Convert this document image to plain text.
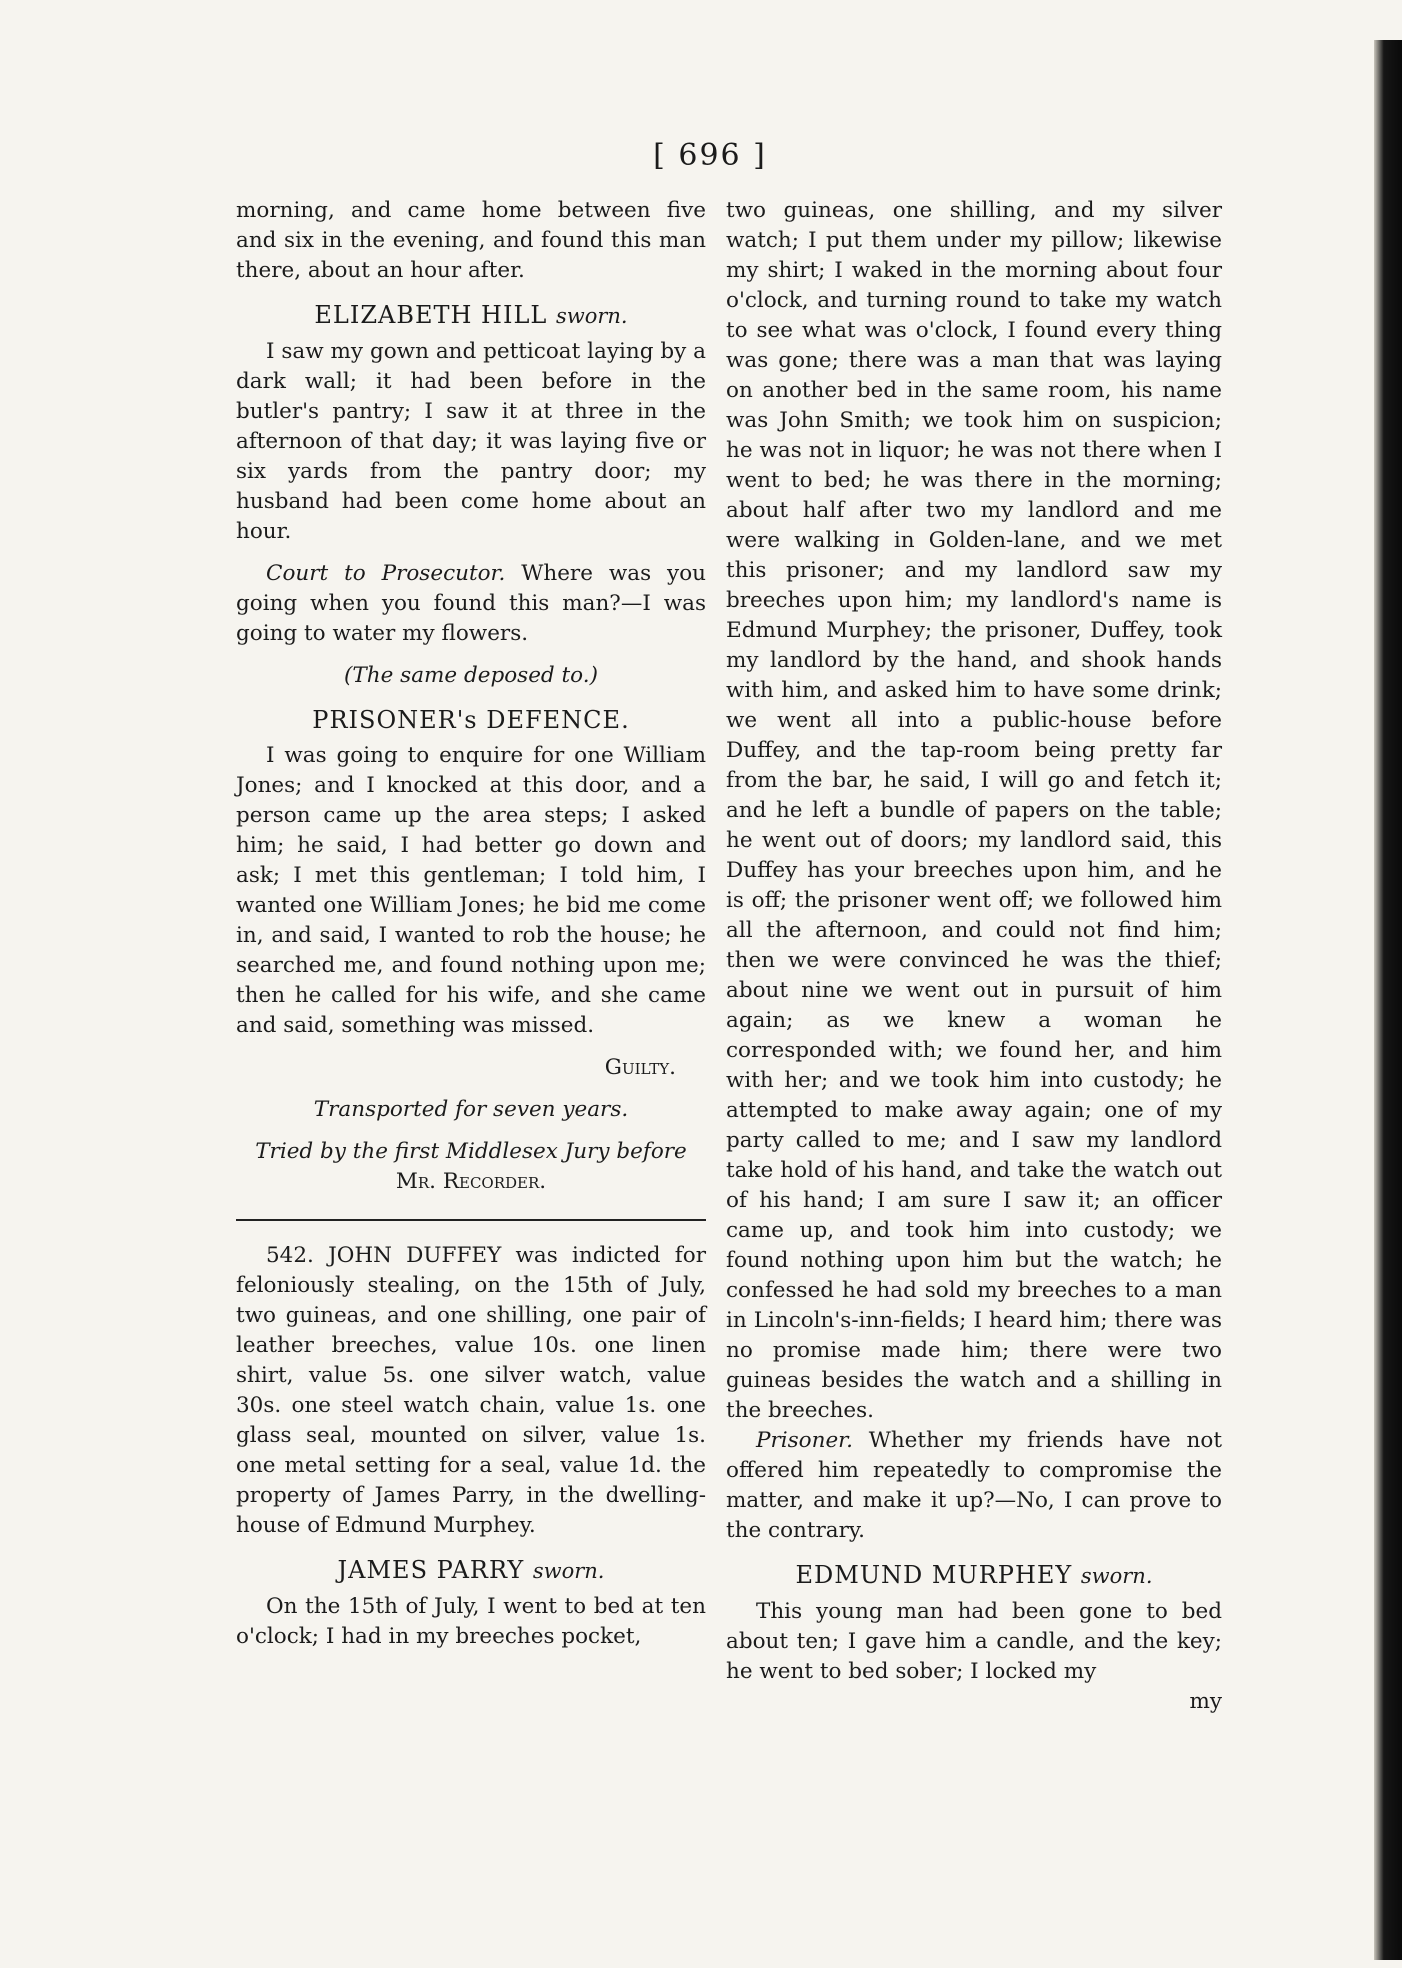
[ 696 ]

morning, and came home between five and six in the evening, and found this man there, about an hour after.

ELIZABETH HILL sworn.

I saw my gown and petticoat laying by a dark wall; it had been before in the butler's pantry; I saw it at three in the afternoon of that day; it was laying five or six yards from the pantry door; my husband had been come home about an hour.

Court to Prosecutor. Where was you going when you found this man?—I was going to water my flowers.

(The same deposed to.)

PRISONER's DEFENCE.

I was going to enquire for one William Jones; and I knocked at this door, and a person came up the area steps; I asked him; he said, I had better go down and ask; I met this gentleman; I told him, I wanted one William Jones; he bid me come in, and said, I wanted to rob the house; he searched me, and found nothing upon me; then he called for his wife, and she came and said, something was missed.

Guilty.

Transported for seven years.

Tried by the first Middlesex Jury before

Mr. Recorder.

542. JOHN DUFFEY was indicted for feloniously stealing, on the 15th of July, two guineas, and one shilling, one pair of leather breeches, value 10s. one linen shirt, value 5s. one silver watch, value 30s. one steel watch chain, value 1s. one glass seal, mounted on silver, value 1s. one metal setting for a seal, value 1d. the property of James Parry, in the dwelling-house of Edmund Murphey.

JAMES PARRY sworn.

On the 15th of July, I went to bed at ten o'clock; I had in my breeches pocket,

two guineas, one shilling, and my silver watch; I put them under my pillow; likewise my shirt; I waked in the morning about four o'clock, and turning round to take my watch to see what was o'clock, I found every thing was gone; there was a man that was laying on another bed in the same room, his name was John Smith; we took him on suspicion; he was not in liquor; he was not there when I went to bed; he was there in the morning; about half after two my landlord and me were walking in Golden-lane, and we met this prisoner; and my landlord saw my breeches upon him; my landlord's name is Edmund Murphey; the prisoner, Duffey, took my landlord by the hand, and shook hands with him, and asked him to have some drink; we went all into a public-house before Duffey, and the tap-room being pretty far from the bar, he said, I will go and fetch it; and he left a bundle of papers on the table; he went out of doors; my landlord said, this Duffey has your breeches upon him, and he is off; the prisoner went off; we followed him all the afternoon, and could not find him; then we were convinced he was the thief; about nine we went out in pursuit of him again; as we knew a woman he corresponded with; we found her, and him with her; and we took him into custody; he attempted to make away again; one of my party called to me; and I saw my landlord take hold of his hand, and take the watch out of his hand; I am sure I saw it; an officer came up, and took him into custody; we found nothing upon him but the watch; he confessed he had sold my breeches to a man in Lincoln's-inn-fields; I heard him; there was no promise made him; there were two guineas besides the watch and a shilling in the breeches.

Prisoner. Whether my friends have not offered him repeatedly to compromise the matter, and make it up?—No, I can prove to the contrary.

EDMUND MURPHEY sworn.

This young man had been gone to bed about ten; I gave him a candle, and the key; he went to bed sober; I locked my

my
